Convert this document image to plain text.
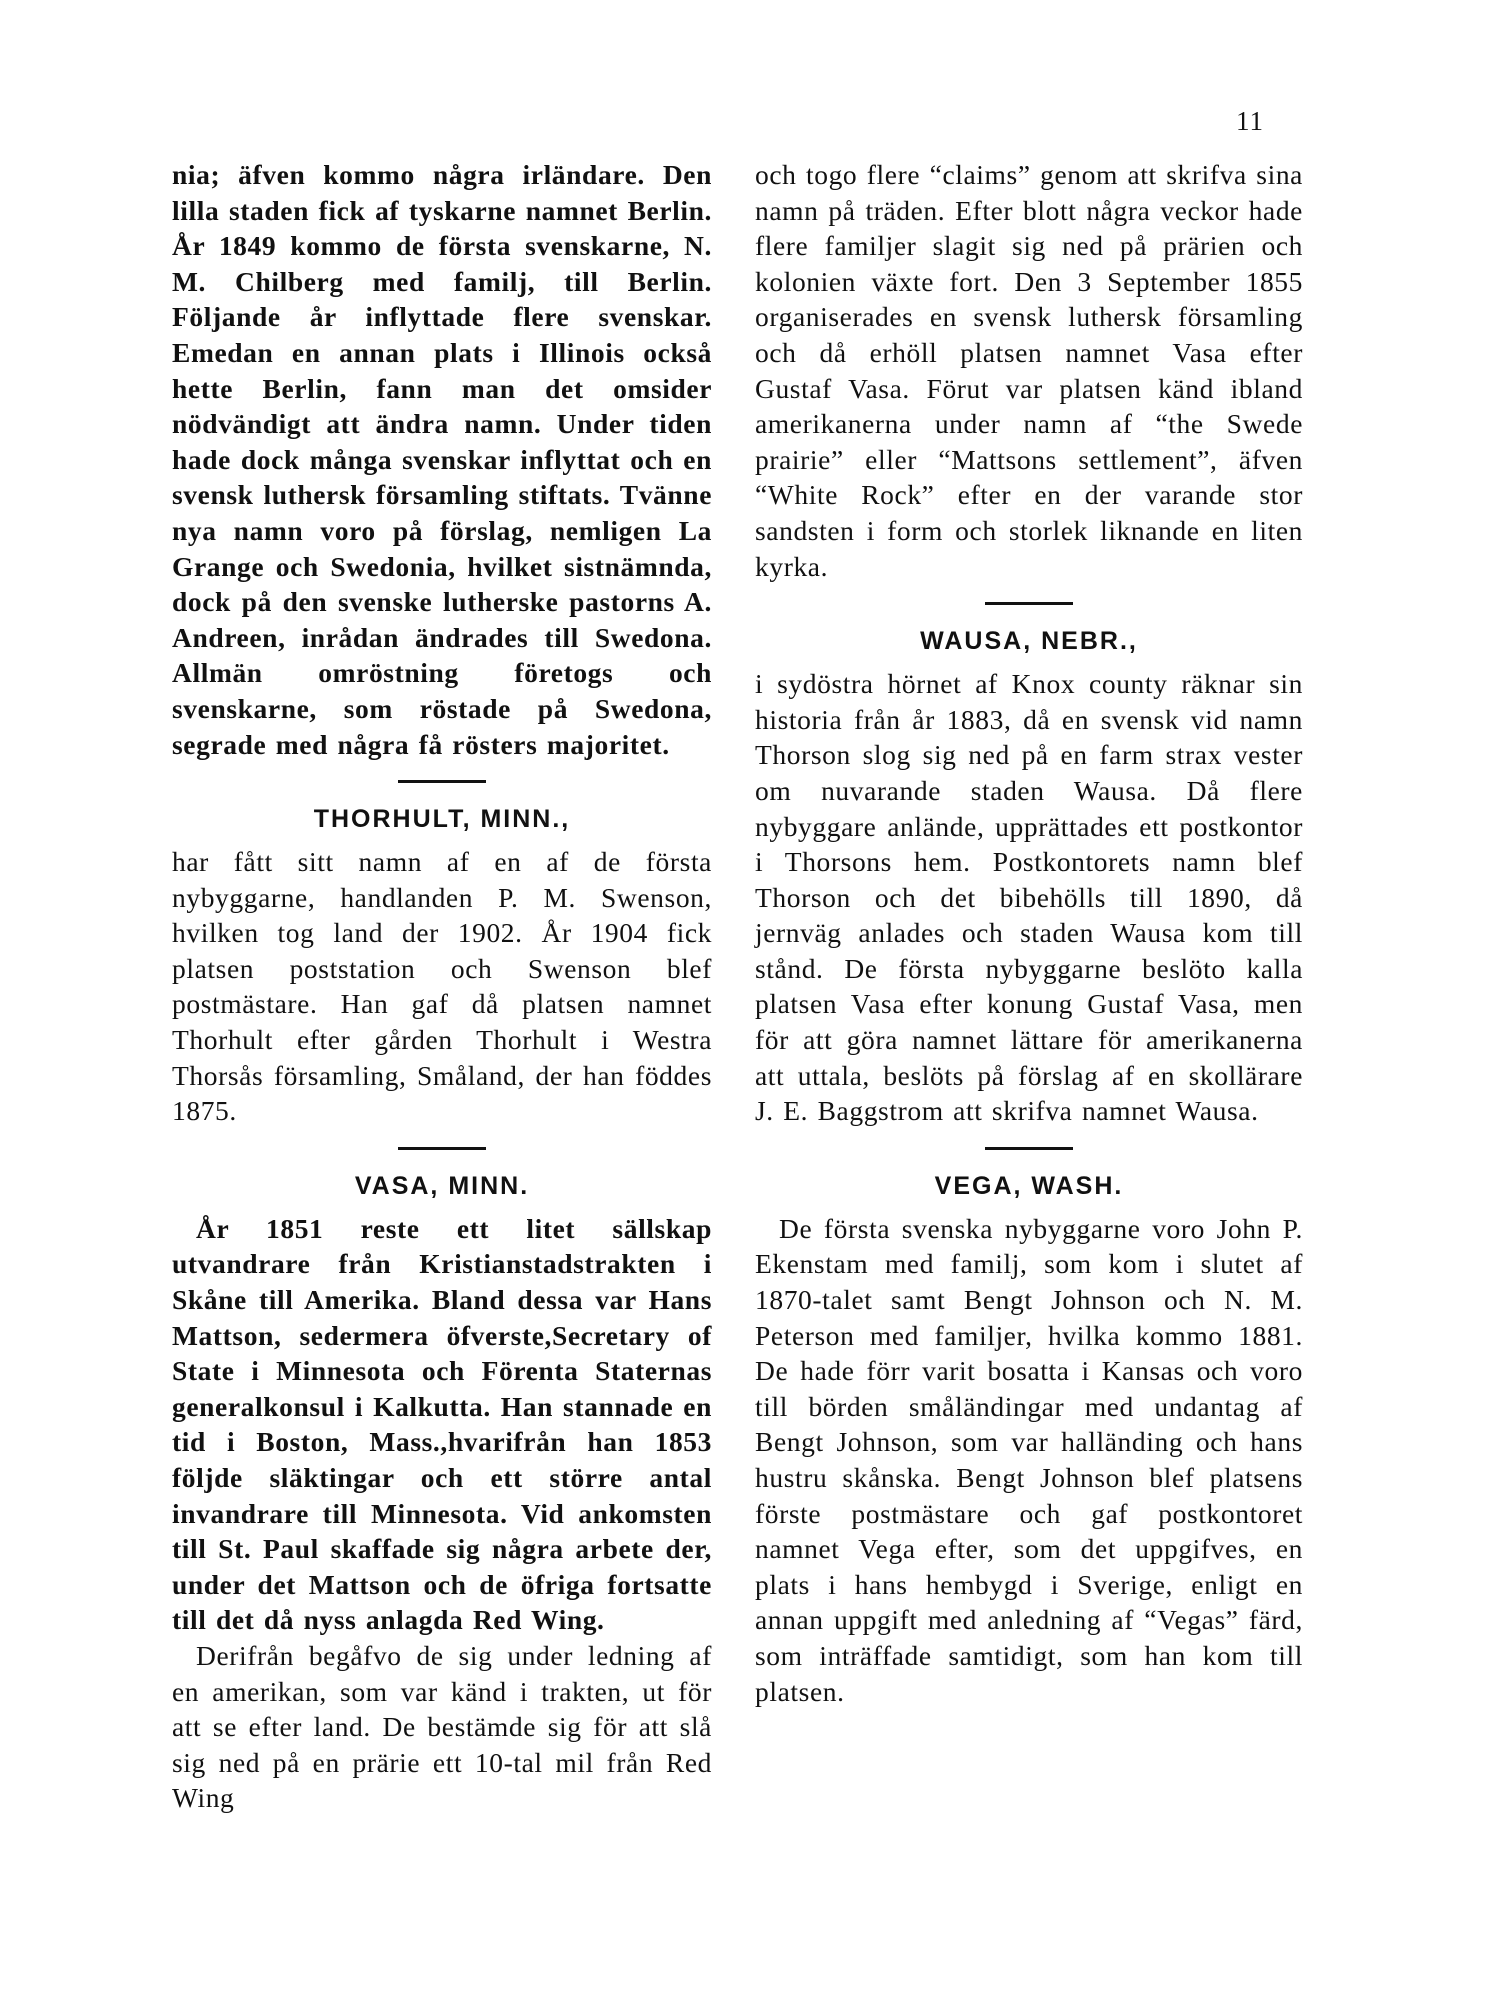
11

nia; äfven kommo några irländare. Den lilla staden fick af tyskarne namnet Berlin. År 1849 kommo de första svenskarne, N. M. Chilberg med familj, till Berlin. Följande år inflyttade flere svenskar. Emedan en annan plats i Illinois också hette Berlin, fann man det omsider nödvändigt att ändra namn. Under tiden hade dock många svenskar inflyttat och en svensk luthersk församling stiftats. Tvänne nya namn voro på förslag, nemligen La Grange och Swedonia, hvilket sistnämnda, dock på den svenske lutherske pastorns A. Andreen, inrådan ändrades till Swedona. Allmän omröstning företogs och svenskarne, som röstade på Swedona, segrade med några få rösters majoritet.

THORHULT, MINN.,

har fått sitt namn af en af de första nybyggarne, handlanden P. M. Swenson, hvilken tog land der 1902. År 1904 fick platsen poststation och Swenson blef postmästare. Han gaf då platsen namnet Thorhult efter gården Thorhult i Westra Thorsås församling, Småland, der han föddes 1875.

VASA, MINN.

År 1851 reste ett litet sällskap utvandrare från Kristianstadstrakten i Skåne till Amerika. Bland dessa var Hans Mattson, sedermera öfverste,Secretary of State i Minnesota och Förenta Staternas generalkonsul i Kalkutta. Han stannade en tid i Boston, Mass.,hvarifrån han 1853 följde släktingar och ett större antal invandrare till Minnesota. Vid ankomsten till St. Paul skaffade sig några arbete der, under det Mattson och de öfriga fortsatte till det då nyss anlagda Red Wing.

Derifrån begåfvo de sig under ledning af en amerikan, som var känd i trakten, ut för att se efter land. De bestämde sig för att slå sig ned på en prärie ett 10-tal mil från Red Wing

och togo flere “claims” genom att skrifva sina namn på träden. Efter blott några veckor hade flere familjer slagit sig ned på prärien och kolonien växte fort. Den 3 September 1855 organiserades en svensk luthersk församling och då erhöll platsen namnet Vasa efter Gustaf Vasa. Förut var platsen känd ibland amerikanerna under namn af “the Swede prairie” eller “Mattsons settlement”, äfven “White Rock” efter en der varande stor sandsten i form och storlek liknande en liten kyrka.

WAUSA, NEBR.,

i sydöstra hörnet af Knox county räknar sin historia från år 1883, då en svensk vid namn Thorson slog sig ned på en farm strax vester om nuvarande staden Wausa. Då flere nybyggare anlände, upprättades ett postkontor i Thorsons hem. Postkontorets namn blef Thorson och det bibehölls till 1890, då jernväg anlades och staden Wausa kom till stånd. De första nybyggarne beslöto kalla platsen Vasa efter konung Gustaf Vasa, men för att göra namnet lättare för amerikanerna att uttala, beslöts på förslag af en skollärare J. E. Baggstrom att skrifva namnet Wausa.

VEGA, WASH.

De första svenska nybyggarne voro John P. Ekenstam med familj, som kom i slutet af 1870-talet samt Bengt Johnson och N. M. Peterson med familjer, hvilka kommo 1881. De hade förr varit bosatta i Kansas och voro till börden småländingar med undantag af Bengt Johnson, som var halländing och hans hustru skånska. Bengt Johnson blef platsens förste postmästare och gaf postkontoret namnet Vega efter, som det uppgifves, en plats i hans hembygd i Sverige, enligt en annan uppgift med anledning af “Vegas” färd, som inträffade samtidigt, som han kom till platsen.
